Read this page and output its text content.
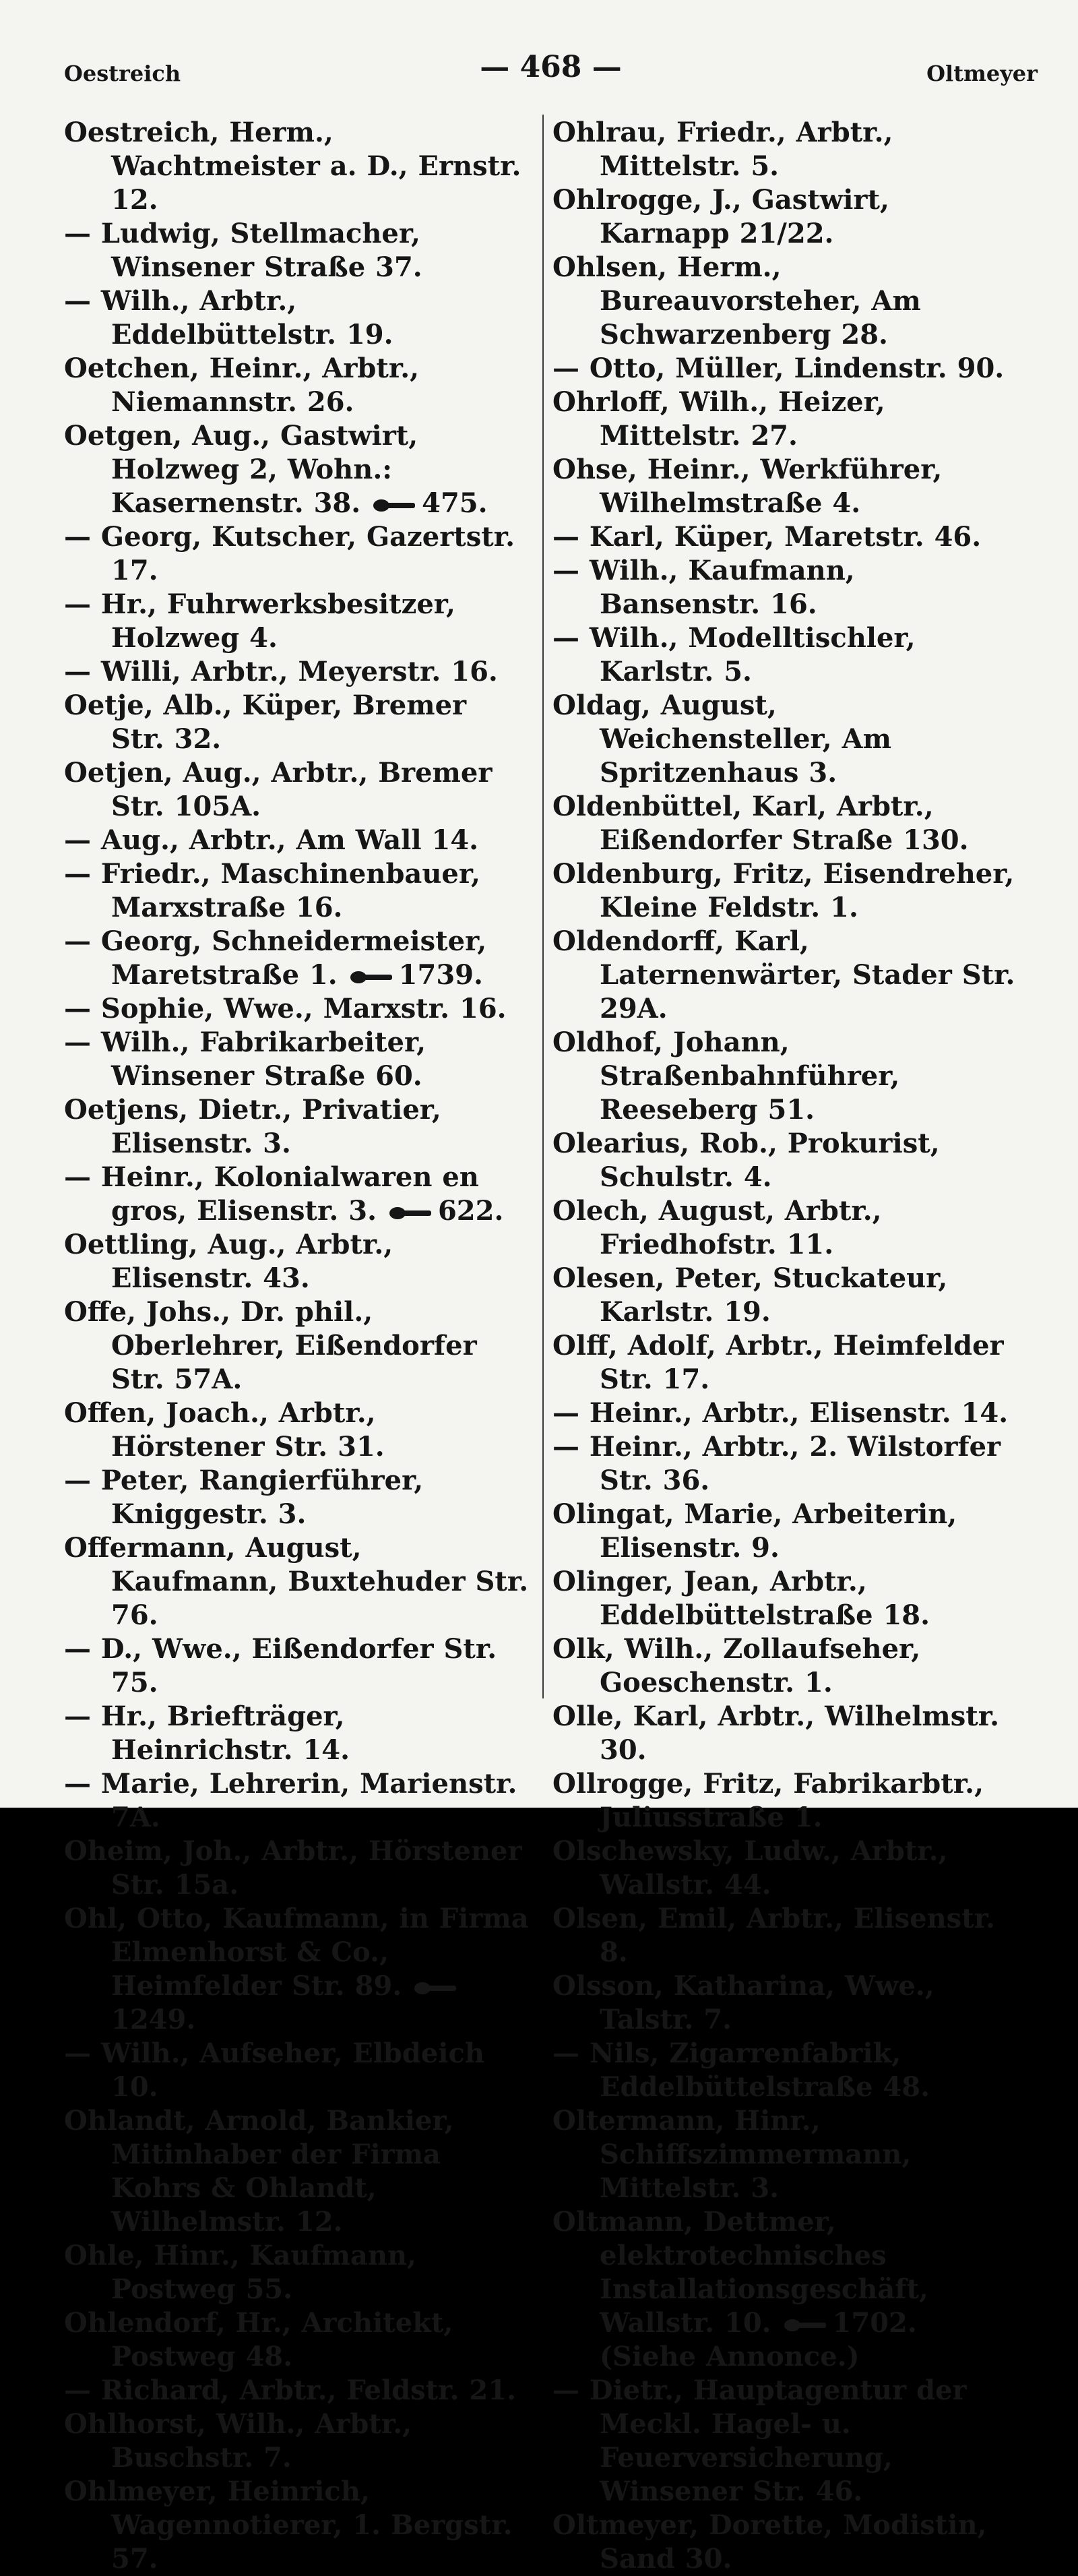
Oestreich	— 468 —	Oltmeyer
Oestreich, Herm., Wachtmeister a. D., Ernstr. 12.
— Ludwig, Stellmacher, Winsener Straße 37.
— Wilh., Arbtr., Eddelbüttelstr. 19.
Oetchen, Heinr., Arbtr., Niemannstr. 26.
Oetgen, Aug., Gastwirt, Holzweg 2, Wohn.: Kasernenstr. 38. 475.
— Georg, Kutscher, Gazertstr. 17.
— Hr., Fuhrwerksbesitzer, Holzweg 4.
— Willi, Arbtr., Meyerstr. 16.
Oetje, Alb., Küper, Bremer Str. 32.
Oetjen, Aug., Arbtr., Bremer Str. 105A.
— Aug., Arbtr., Am Wall 14.
— Friedr., Maschinenbauer, Marxstraße 16.
— Georg, Schneidermeister, Maretstraße 1. 1739.
— Sophie, Wwe., Marxstr. 16.
— Wilh., Fabrikarbeiter, Winsener Straße 60.
Oetjens, Dietr., Privatier, Elisenstr. 3.
— Heinr., Kolonialwaren en gros, Elisenstr. 3. 622.
Oettling, Aug., Arbtr., Elisenstr. 43.
Offe, Johs., Dr. phil., Oberlehrer, Eißendorfer Str. 57A.
Offen, Joach., Arbtr., Hörstener Str. 31.
— Peter, Rangierführer, Kniggestr. 3.
Offermann, August, Kaufmann, Buxtehuder Str. 76.
— D., Wwe., Eißendorfer Str. 75.
— Hr., Briefträger, Heinrichstr. 14.
— Marie, Lehrerin, Marienstr. 7A.
Oheim, Joh., Arbtr., Hörstener Str. 15a.
Ohl, Otto, Kaufmann, in Firma Elmenhorst & Co., Heimfelder Str. 89. 1249.
— Wilh., Aufseher, Elbdeich 10.
Ohlandt, Arnold, Bankier, Mitinhaber der Firma Kohrs & Ohlandt, Wilhelmstr. 12.
Ohle, Hinr., Kaufmann, Postweg 55.
Ohlendorf, Hr., Architekt, Postweg 48.
— Richard, Arbtr., Feldstr. 21.
Ohlhorst, Wilh., Arbtr., Buschstr. 7.
Ohlmeyer, Heinrich, Wagennotierer, 1. Bergstr. 57.
Ohlrau, Friedr., Arbtr., Mittelstr. 5.
Ohlrogge, J., Gastwirt, Karnapp 21/22.
Ohlsen, Herm., Bureauvorsteher, Am Schwarzenberg 28.
— Otto, Müller, Lindenstr. 90.
Ohrloff, Wilh., Heizer, Mittelstr. 27.
Ohse, Heinr., Werkführer, Wilhelmstraße 4.
— Karl, Küper, Maretstr. 46.
— Wilh., Kaufmann, Bansenstr. 16.
— Wilh., Modelltischler, Karlstr. 5.
Oldag, August, Weichensteller, Am Spritzenhaus 3.
Oldenbüttel, Karl, Arbtr., Eißendorfer Straße 130.
Oldenburg, Fritz, Eisendreher, Kleine Feldstr. 1.
Oldendorff, Karl, Laternenwärter, Stader Str. 29A.
Oldhof, Johann, Straßenbahnführer, Reeseberg 51.
Olearius, Rob., Prokurist, Schulstr. 4.
Olech, August, Arbtr., Friedhofstr. 11.
Olesen, Peter, Stuckateur, Karlstr. 19.
Olff, Adolf, Arbtr., Heimfelder Str. 17.
— Heinr., Arbtr., Elisenstr. 14.
— Heinr., Arbtr., 2. Wilstorfer Str. 36.
Olingat, Marie, Arbeiterin, Elisenstr. 9.
Olinger, Jean, Arbtr., Eddelbüttelstraße 18.
Olk, Wilh., Zollaufseher, Goeschenstr. 1.
Olle, Karl, Arbtr., Wilhelmstr. 30.
Ollrogge, Fritz, Fabrikarbtr., Juliusstraße 1.
Olschewsky, Ludw., Arbtr., Wallstr. 44.
Olsen, Emil, Arbtr., Elisenstr. 8.
Olsson, Katharina, Wwe., Talstr. 7.
— Nils, Zigarrenfabrik, Eddelbüttelstraße 48.
Oltermann, Hinr., Schiffszimmermann, Mittelstr. 3.
Oltmann, Dettmer, elektrotechnisches Installationsgeschäft, Wallstr. 10. 1702. (Siehe Annonce.)
— Dietr., Hauptagentur der Meckl. Hagel- u. Feuerversicherung, Winsener Str. 46.
Oltmeyer, Dorette, Modistin, Sand 30.
